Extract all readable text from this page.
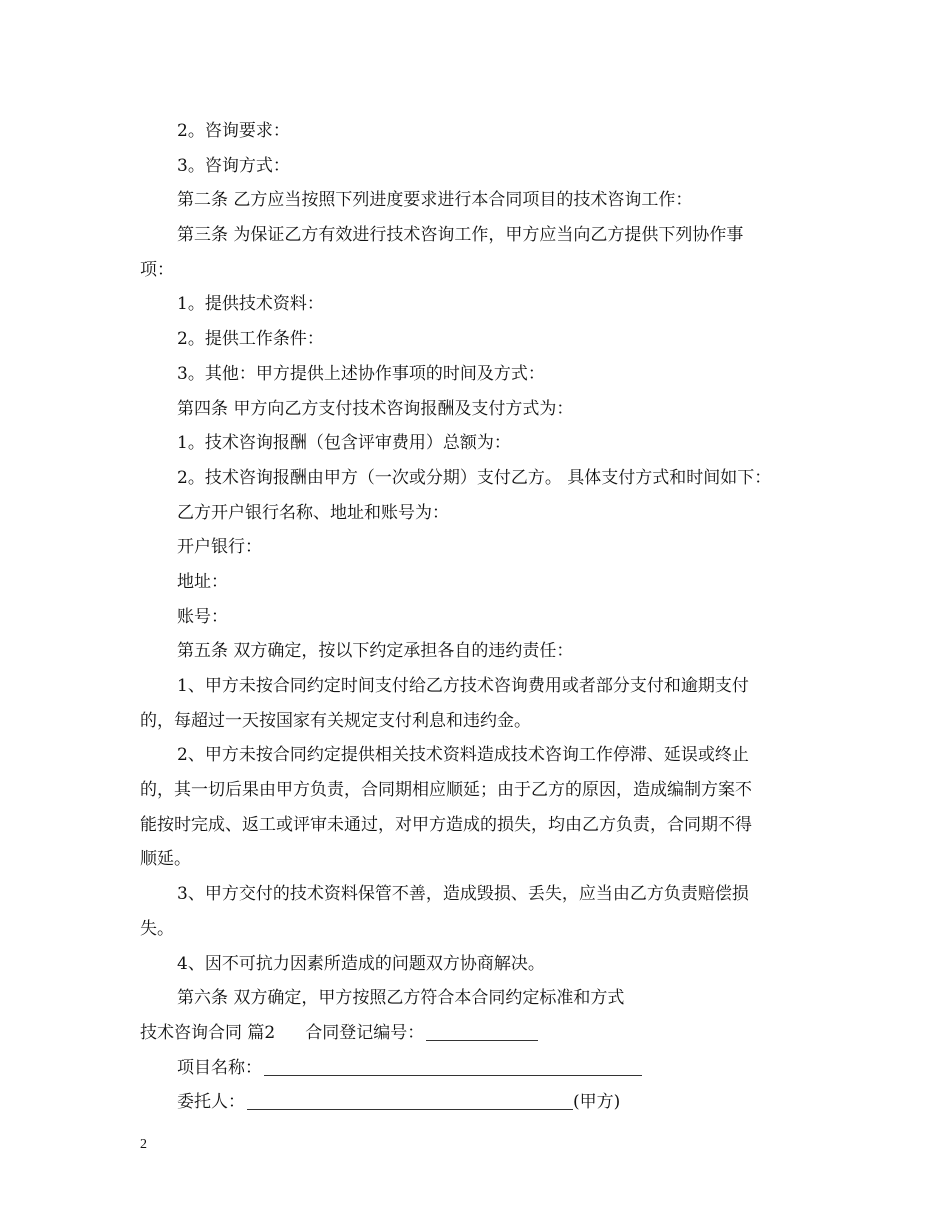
2。咨询要求：
3。咨询方式：
第二条 乙方应当按照下列进度要求进行本合同项目的技术咨询工作：
第三条 为保证乙方有效进行技术咨询工作，甲方应当向乙方提供下列协作事
项：
1。提供技术资料：
2。提供工作条件：
3。其他：甲方提供上述协作事项的时间及方式：
第四条 甲方向乙方支付技术咨询报酬及支付方式为：
1。技术咨询报酬（包含评审费用）总额为：
2。技术咨询报酬由甲方（一次或分期）支付乙方。 具体支付方式和时间如下：
乙方开户银行名称、地址和账号为：
开户银行：
地址：
账号：
第五条 双方确定，按以下约定承担各自的违约责任：
1、甲方未按合同约定时间支付给乙方技术咨询费用或者部分支付和逾期支付
的，每超过一天按国家有关规定支付利息和违约金。
2、甲方未按合同约定提供相关技术资料造成技术咨询工作停滞、延误或终止
的，其一切后果由甲方负责，合同期相应顺延；由于乙方的原因，造成编制方案不
能按时完成、返工或评审未通过，对甲方造成的损失，均由乙方负责，合同期不得
顺延。
3、甲方交付的技术资料保管不善，造成毁损、丢失，应当由乙方负责赔偿损
失。
4、因不可抗力因素所造成的问题双方协商解决。
第六条 双方确定，甲方按照乙方符合本合同约定标准和方式
技术咨询合同 篇2 合同登记编号：
项目名称：
委托人：	(甲方)
2
